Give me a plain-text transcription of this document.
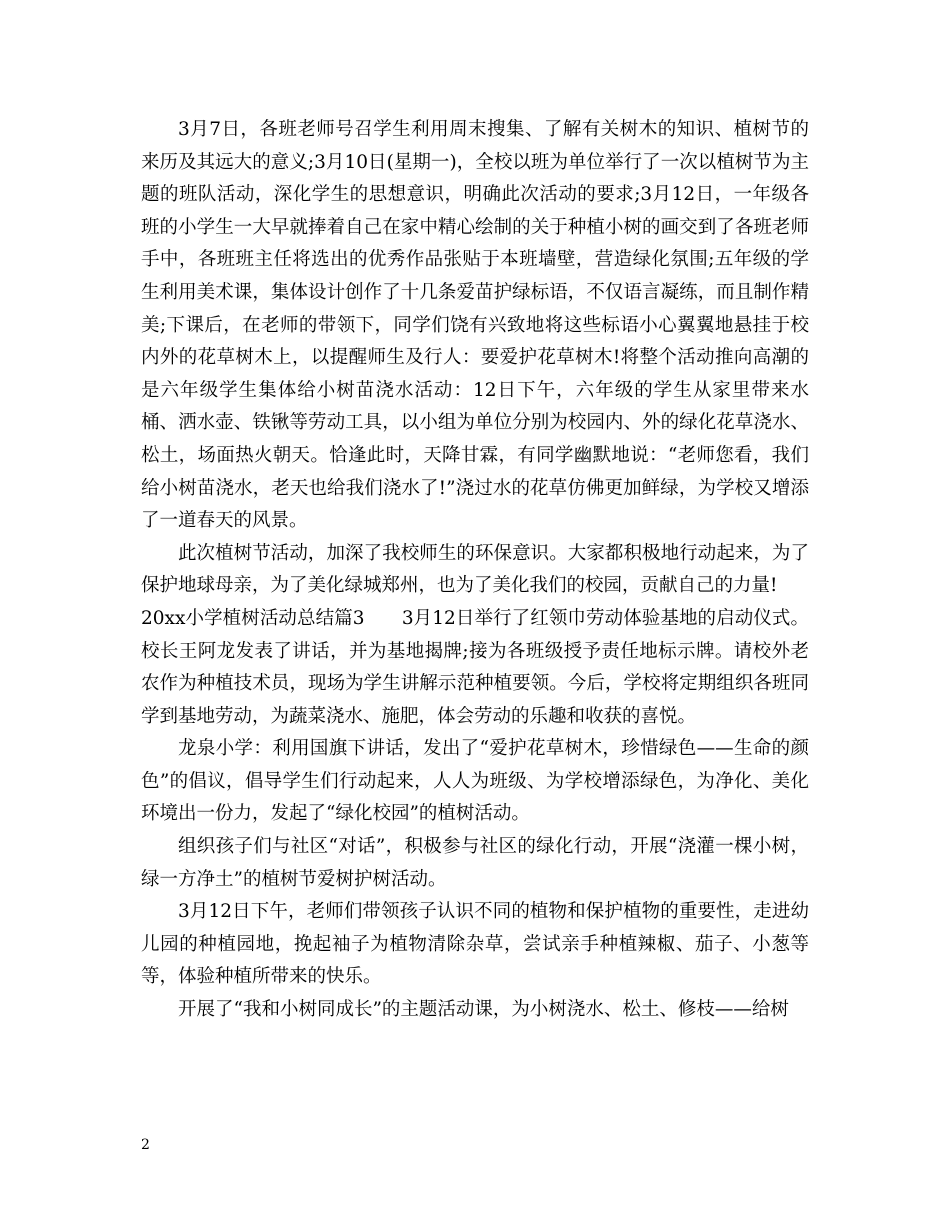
3月7日，各班老师号召学生利用周末搜集、了解有关树木的知识、植树节的来历及其远大的意义;3月10日(星期一)，全校以班为单位举行了一次以植树节为主题的班队活动，深化学生的思想意识，明确此次活动的要求;3月12日，一年级各班的小学生一大早就捧着自己在家中精心绘制的关于种植小树的画交到了各班老师手中，各班班主任将选出的优秀作品张贴于本班墙壁，营造绿化氛围;五年级的学生利用美术课，集体设计创作了十几条爱苗护绿标语，不仅语言凝练，而且制作精美;下课后，在老师的带领下，同学们饶有兴致地将这些标语小心翼翼地悬挂于校内外的花草树木上，以提醒师生及行人：要爱护花草树木!将整个活动推向高潮的是六年级学生集体给小树苗浇水活动：12日下午，六年级的学生从家里带来水桶、洒水壶、铁锹等劳动工具，以小组为单位分别为校园内、外的绿化花草浇水、松土，场面热火朝天。恰逢此时，天降甘霖，有同学幽默地说：“老师您看，我们给小树苗浇水，老天也给我们浇水了!”浇过水的花草仿佛更加鲜绿，为学校又增添了一道春天的风景。

此次植树节活动，加深了我校师生的环保意识。大家都积极地行动起来，为了保护地球母亲，为了美化绿城郑州，也为了美化我们的校园，贡献自己的力量!

20xx小学植树活动总结篇3　　3月12日举行了红领巾劳动体验基地的启动仪式。校长王阿龙发表了讲话，并为基地揭牌;接为各班级授予责任地标示牌。请校外老农作为种植技术员，现场为学生讲解示范种植要领。今后，学校将定期组织各班同学到基地劳动，为蔬菜浇水、施肥，体会劳动的乐趣和收获的喜悦。

龙泉小学：利用国旗下讲话，发出了“爱护花草树木，珍惜绿色——生命的颜色”的倡议，倡导学生们行动起来，人人为班级、为学校增添绿色，为净化、美化环境出一份力，发起了“绿化校园”的植树活动。

组织孩子们与社区“对话”，积极参与社区的绿化行动，开展“浇灌一棵小树，绿一方净土”的植树节爱树护树活动。

3月12日下午，老师们带领孩子认识不同的植物和保护植物的重要性，走进幼儿园的种植园地，挽起袖子为植物清除杂草，尝试亲手种植辣椒、茄子、小葱等等，体验种植所带来的快乐。

开展了“我和小树同成长”的主题活动课，为小树浇水、松土、修枝——给树

2
